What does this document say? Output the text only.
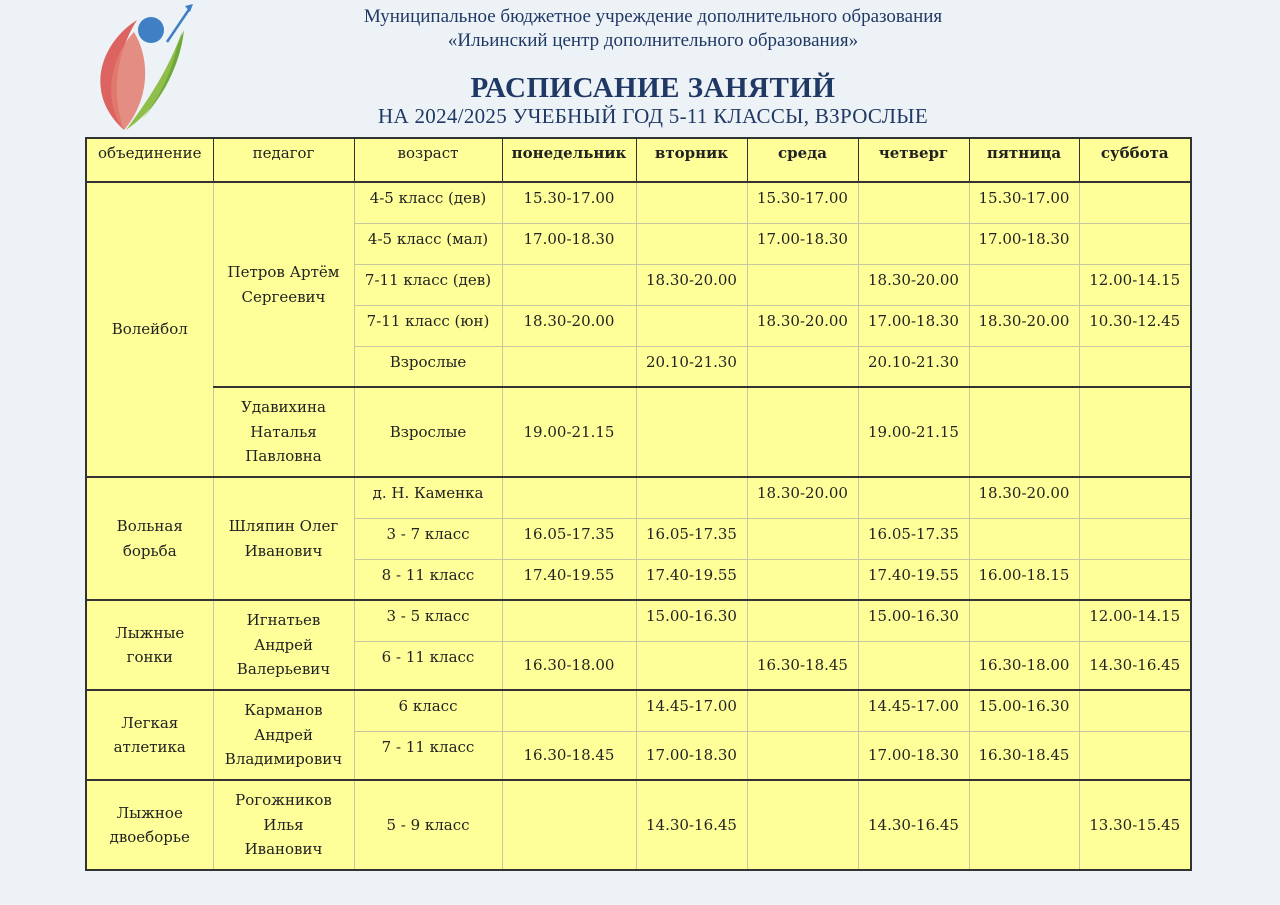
Муниципальное бюджетное учреждение дополнительного образования
«Ильинский центр дополнительного образования»
РАСПИСАНИЕ ЗАНЯТИЙ
НА 2024/2025 УЧЕБНЫЙ ГОД 5-11 КЛАССЫ, ВЗРОСЛЫЕ
объединение	педагог	возраст	понедельник	вторник	среда	четверг	пятница	суббота
Волейбол	Петров Артём Сергеевич	4-5 класс (дев)	15.30-17.00		15.30-17.00		15.30-17.00	
		4-5 класс (мал)	17.00-18.30		17.00-18.30		17.00-18.30	
		7-11 класс (дев)		18.30-20.00		18.30-20.00		12.00-14.15
		7-11 класс (юн)	18.30-20.00		18.30-20.00	17.00-18.30	18.30-20.00	10.30-12.45
		Взрослые		20.10-21.30		20.10-21.30		
	Удавихина Наталья Павловна	Взрослые	19.00-21.15			19.00-21.15		
Вольная борьба	Шляпин Олег Иванович	д. Н. Каменка			18.30-20.00		18.30-20.00	
		3 - 7 класс	16.05-17.35	16.05-17.35		16.05-17.35		
		8 - 11 класс	17.40-19.55	17.40-19.55		17.40-19.55	16.00-18.15	
Лыжные гонки	Игнатьев Андрей Валерьевич	3 - 5 класс		15.00-16.30		15.00-16.30		12.00-14.15
		6 - 11 класс	16.30-18.00		16.30-18.45		16.30-18.00	14.30-16.45
Легкая атлетика	Карманов Андрей Владимирович	6 класс		14.45-17.00		14.45-17.00	15.00-16.30	
		7 - 11 класс	16.30-18.45	17.00-18.30		17.00-18.30	16.30-18.45	
Лыжное двоеборье	Рогожников Илья Иванович	5 - 9 класс		14.30-16.45		14.30-16.45		13.30-15.45
